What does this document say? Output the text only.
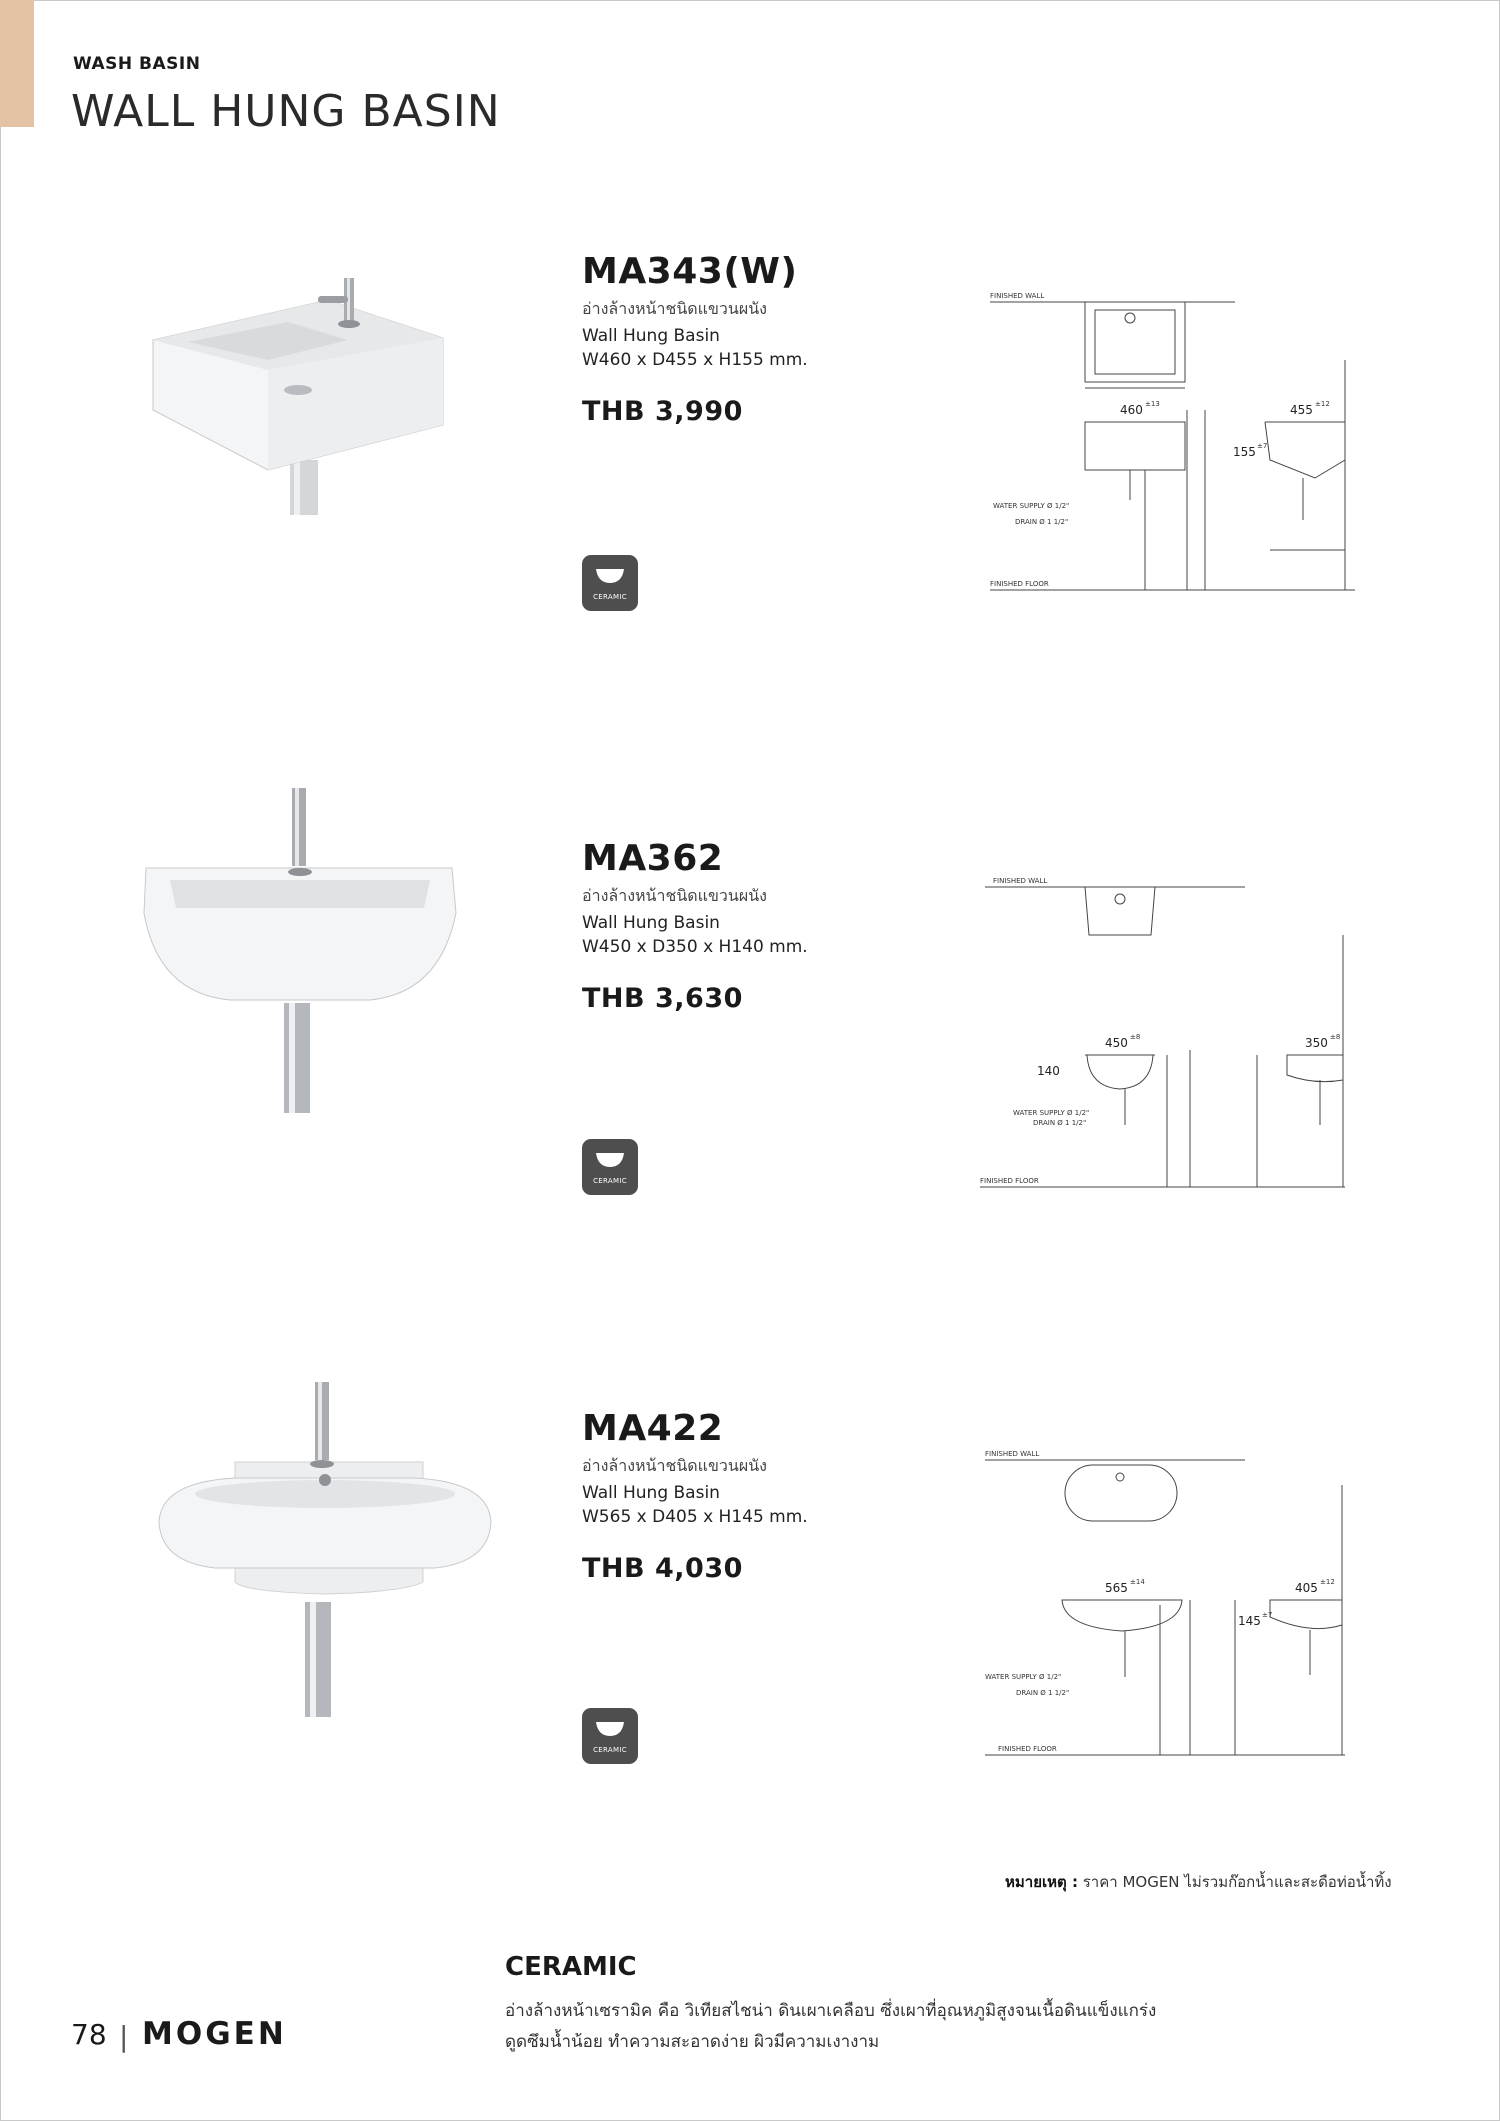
WASH BASIN
WALL HUNG BASIN
MA343(W)
อ่างล้างหน้าชนิดแขวนผนัง
Wall Hung Basin
W460 x D455 x H155 mm.
THB 3,990
CERAMIC
FINISHED WALL
FINISHED FLOOR
WATER SUPPLY Ø 1/2"
DRAIN Ø 1 1/2"
460 ±13	455 ±12
155 ±7
MA362
อ่างล้างหน้าชนิดแขวนผนัง
Wall Hung Basin
W450 x D350 x H140 mm.
THB 3,630
CERAMIC
FINISHED WALL
FINISHED FLOOR
WATER SUPPLY Ø 1/2"
DRAIN Ø 1 1/2"
450 ±8	350 ±8
140
MA422
อ่างล้างหน้าชนิดแขวนผนัง
Wall Hung Basin
W565 x D405 x H145 mm.
THB 4,030
CERAMIC
FINISHED WALL
FINISHED FLOOR
WATER SUPPLY Ø 1/2"
DRAIN Ø 1 1/2"
565 ±14	405 ±12
145 ±7
หมายเหตุ : ราคา MOGEN ไม่รวมก๊อกน้ำและสะดือท่อน้ำทิ้ง
CERAMIC
อ่างล้างหน้าเซรามิค คือ วิเทียสไชน่า ดินเผาเคลือบ ซึ่งเผาที่อุณหภูมิสูงจนเนื้อดินแข็งแกร่ง
ดูดซึมน้ำน้อย ทำความสะอาดง่าย ผิวมีความเงางาม
78 | MOGEN
